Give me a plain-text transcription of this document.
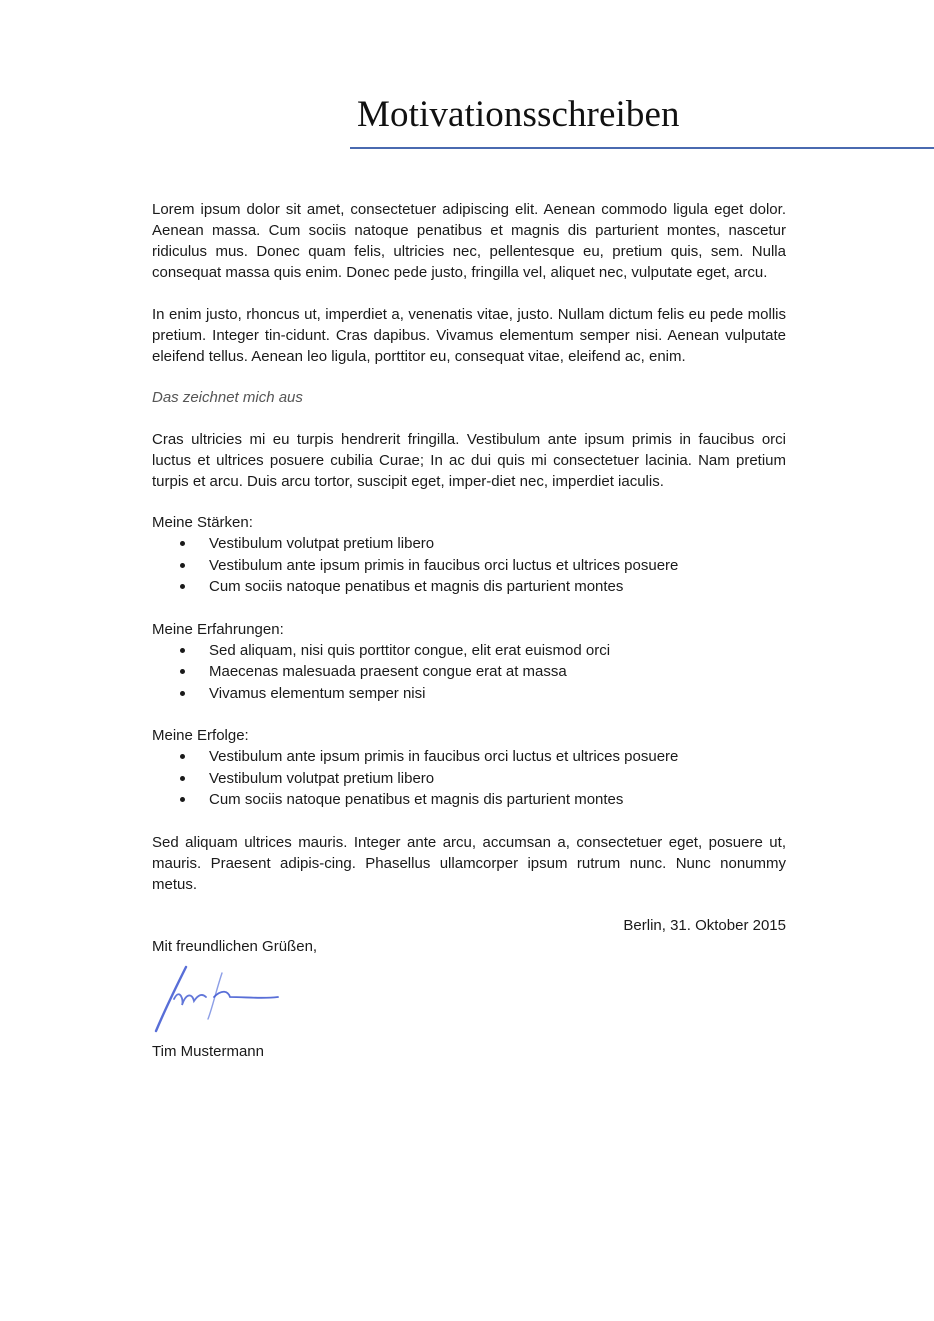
Motivationsschreiben

Lorem ipsum dolor sit amet, consectetuer adipiscing elit. Aenean commodo ligula eget dolor. Aenean massa. Cum sociis natoque penatibus et magnis dis parturient montes, nascetur ridiculus mus. Donec quam felis, ultricies nec, pellentesque eu, pretium quis, sem. Nulla consequat massa quis enim. Donec pede justo, fringilla vel, aliquet nec, vulputate eget, arcu.

In enim justo, rhoncus ut, imperdiet a, venenatis vitae, justo. Nullam dictum felis eu pede mollis pretium. Integer tin-cidunt. Cras dapibus. Vivamus elementum semper nisi. Aenean vulputate eleifend tellus. Aenean leo ligula, porttitor eu, consequat vitae, eleifend ac, enim.

Das zeichnet mich aus

Cras ultricies mi eu turpis hendrerit fringilla. Vestibulum ante ipsum primis in faucibus orci luctus et ultrices posuere cubilia Curae; In ac dui quis mi consectetuer lacinia. Nam pretium turpis et arcu. Duis arcu tortor, suscipit eget, imper-diet nec, imperdiet iaculis.

Meine Stärken:

Vestibulum volutpat pretium libero
Vestibulum ante ipsum primis in faucibus orci luctus et ultrices posuere
Cum sociis natoque penatibus et magnis dis parturient montes

Meine Erfahrungen:

Sed aliquam, nisi quis porttitor congue, elit erat euismod orci
Maecenas malesuada praesent congue erat at massa
Vivamus elementum semper nisi

Meine Erfolge:

Vestibulum ante ipsum primis in faucibus orci luctus et ultrices posuere
Vestibulum volutpat pretium libero
Cum sociis natoque penatibus et magnis dis parturient montes

Sed aliquam ultrices mauris. Integer ante arcu, accumsan a, consectetuer eget, posuere ut, mauris. Praesent adipis-cing. Phasellus ullamcorper ipsum rutrum nunc. Nunc nonummy metus.

Berlin, 31. Oktober 2015

Mit freundlichen Grüßen,

Tim Mustermann
